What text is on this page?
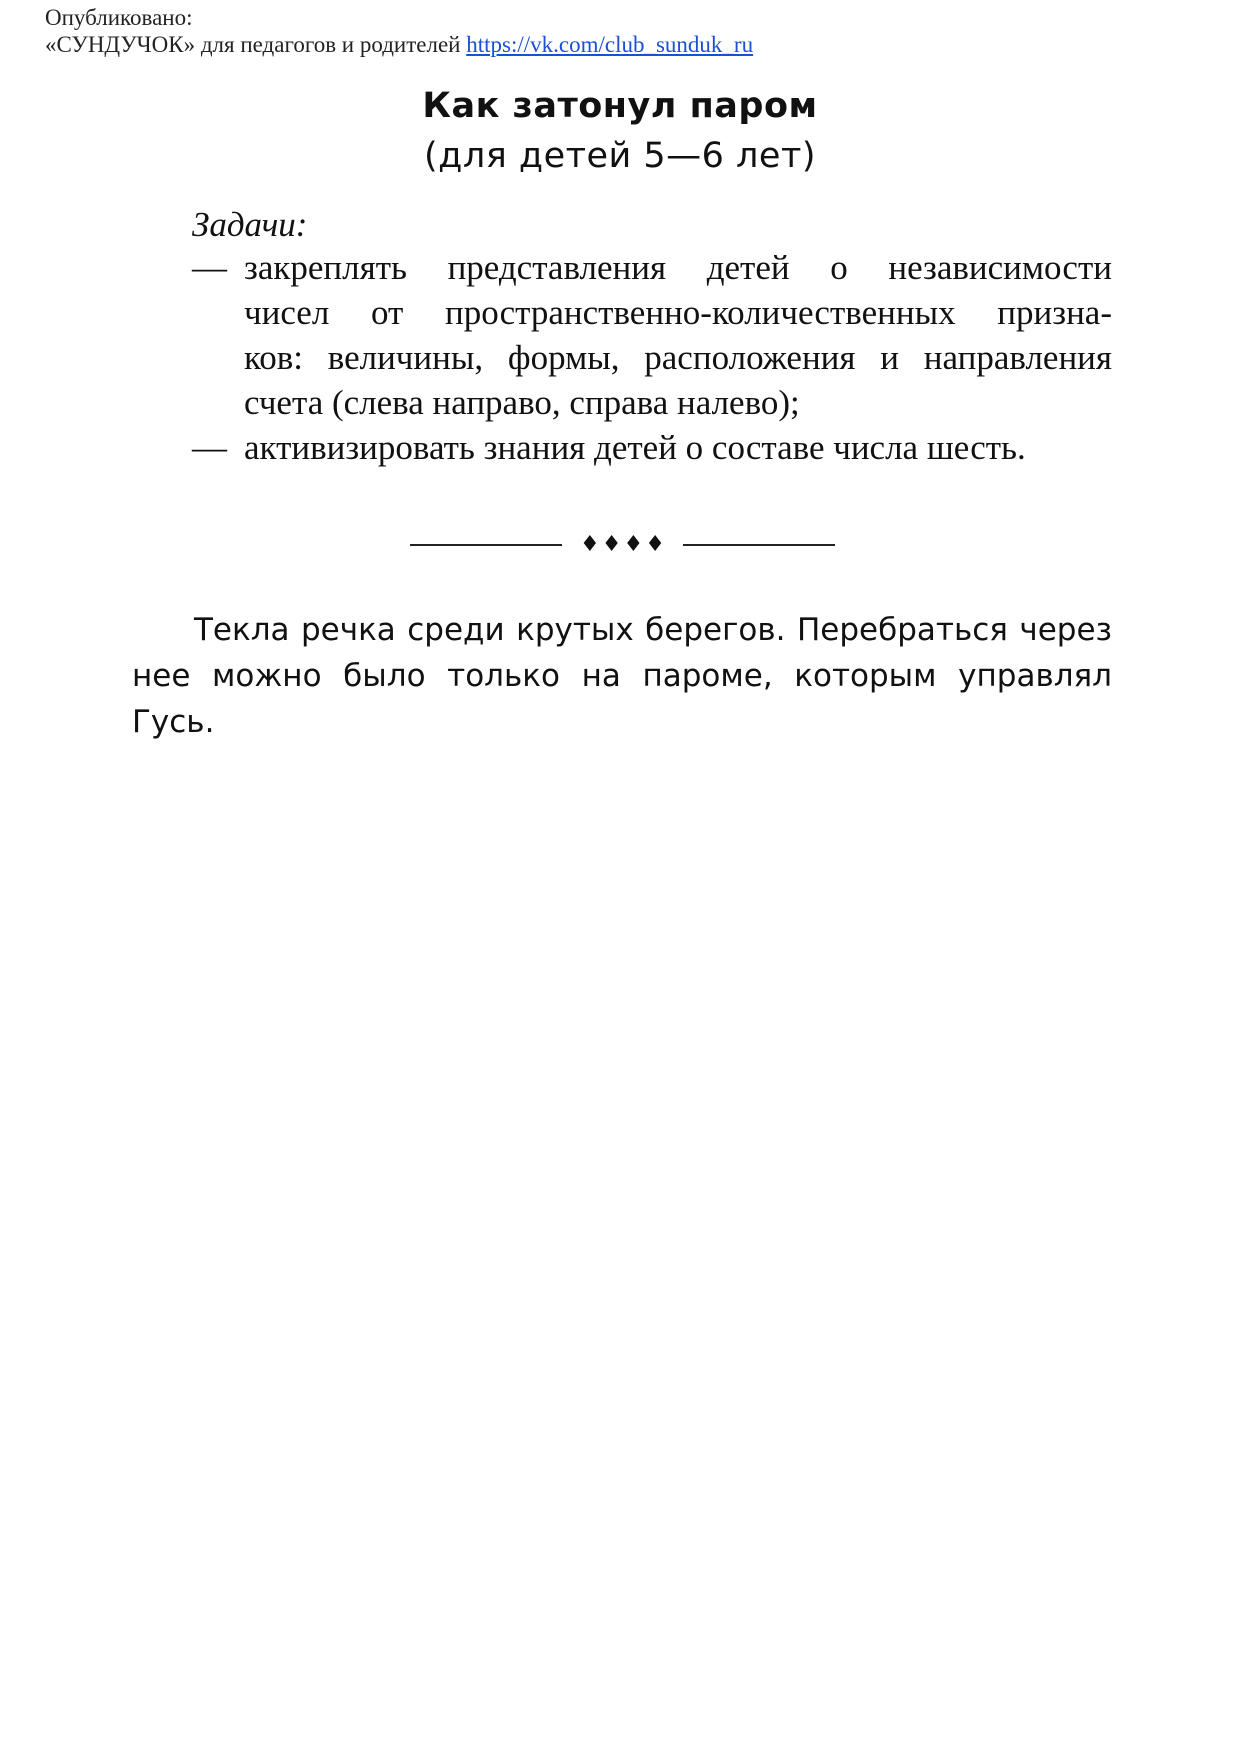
Опубликовано:
«СУНДУЧОК» для педагогов и родителей https://vk.com/club_sunduk_ru
Как затонул паром
(для детей 5—6 лет)
Задачи:
— закреплять представления детей о независимости
чисел от пространственно-количественных призна-
ков: величины, формы, расположения и направления
счета (слева направо, справа налево);
— активизировать знания детей о составе числа шесть.
♦♦♦♦
Текла речка среди крутых берегов. Перебраться через
нее можно было только на пароме, которым управлял
Гусь.
